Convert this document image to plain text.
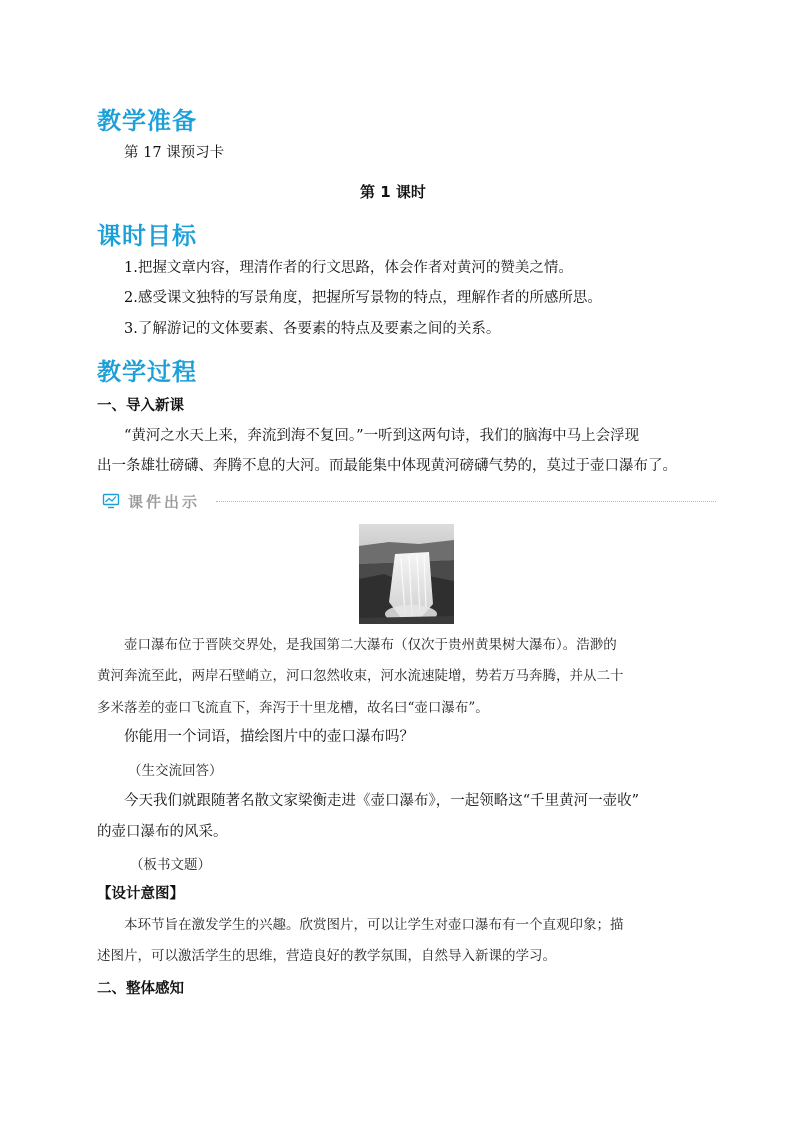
教学准备
第 17 课预习卡
第 1 课时
课时目标
1.把握文章内容，理清作者的行文思路，体会作者对黄河的赞美之情。
2.感受课文独特的写景角度，把握所写景物的特点，理解作者的所感所思。
3.了解游记的文体要素、各要素的特点及要素之间的关系。
教学过程
一、导入新课
“黄河之水天上来，奔流到海不复回。”一听到这两句诗，我们的脑海中马上会浮现
出一条雄壮磅礴、奔腾不息的大河。而最能集中体现黄河磅礴气势的，莫过于壶口瀑布了。
课件出示
壶口瀑布位于晋陕交界处，是我国第二大瀑布（仅次于贵州黄果树大瀑布）。浩渺的
黄河奔流至此，两岸石壁峭立，河口忽然收束，河水流速陡增，势若万马奔腾，并从二十
多米落差的壶口飞流直下，奔泻于十里龙槽，故名曰“壶口瀑布”。
你能用一个词语，描绘图片中的壶口瀑布吗？
（生交流回答）
今天我们就跟随著名散文家梁衡走进《壶口瀑布》，一起领略这“千里黄河一壶收”
的壶口瀑布的风采。
（板书文题）
【设计意图】
本环节旨在激发学生的兴趣。欣赏图片，可以让学生对壶口瀑布有一个直观印象；描
述图片，可以激活学生的思维，营造良好的教学氛围，自然导入新课的学习。
二、整体感知
